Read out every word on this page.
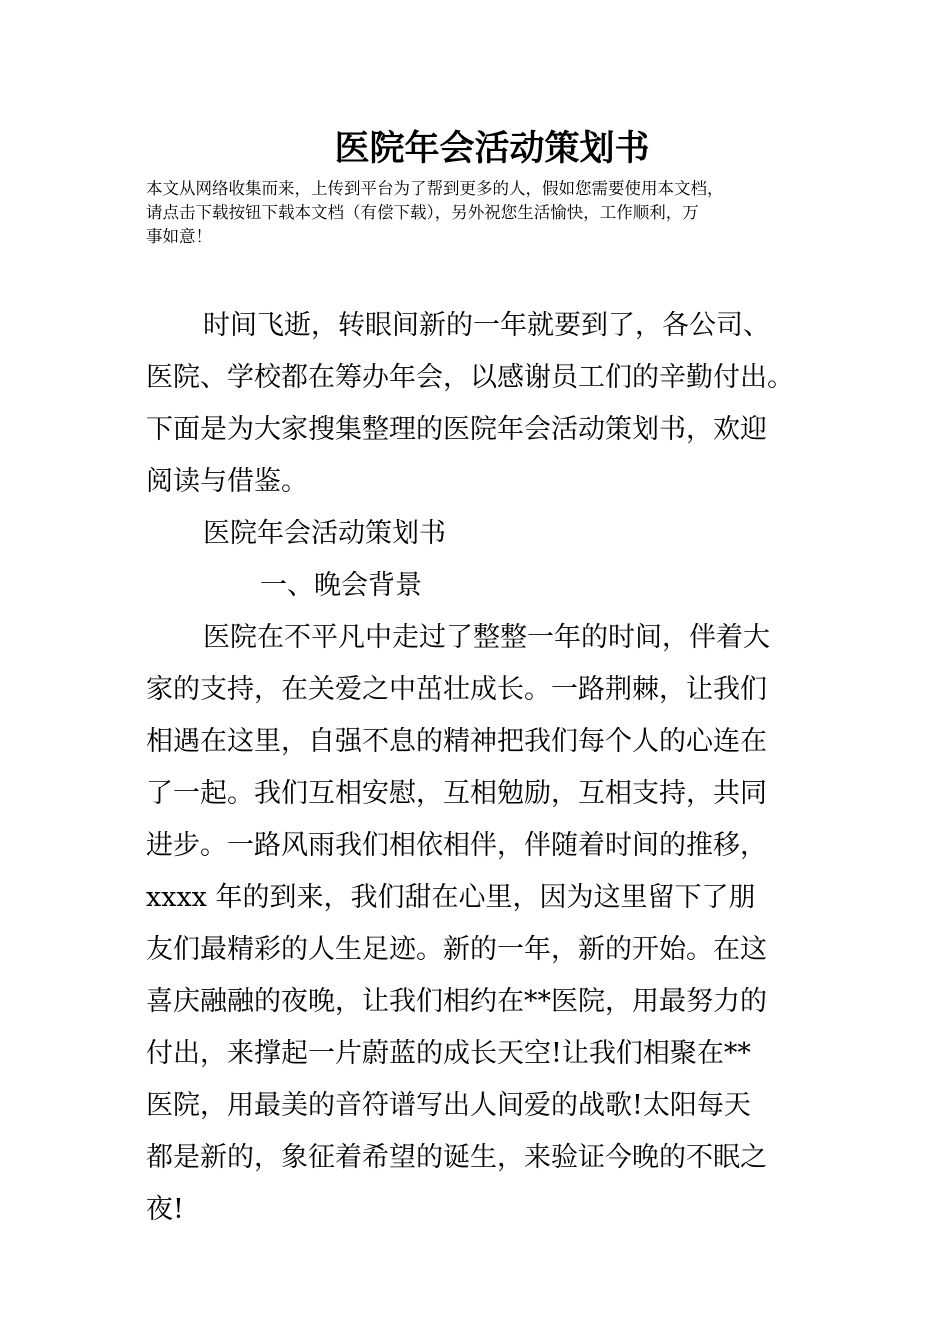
医院年会活动策划书
本文从网络收集而来，上传到平台为了帮到更多的人，假如您需要使用本文档，
请点击下载按钮下载本文档（有偿下载），另外祝您生活愉快，工作顺利，万
事如意！
时间飞逝，转眼间新的一年就要到了，各公司、
医院、学校都在筹办年会，以感谢员工们的辛勤付出。
下面是为大家搜集整理的医院年会活动策划书，欢迎
阅读与借鉴。
医院年会活动策划书
一、晚会背景
医院在不平凡中走过了整整一年的时间，伴着大
家的支持，在关爱之中茁壮成长。一路荆棘，让我们
相遇在这里，自强不息的精神把我们每个人的心连在
了一起。我们互相安慰，互相勉励，互相支持，共同
进步。一路风雨我们相依相伴，伴随着时间的推移，
xxxx 年的到来，我们甜在心里，因为这里留下了朋
友们最精彩的人生足迹。新的一年，新的开始。在这
喜庆融融的夜晚，让我们相约在**医院，用最努力的
付出，来撑起一片蔚蓝的成长天空!让我们相聚在**
医院，用最美的音符谱写出人间爱的战歌!太阳每天
都是新的，象征着希望的诞生，来验证今晚的不眠之
夜!
